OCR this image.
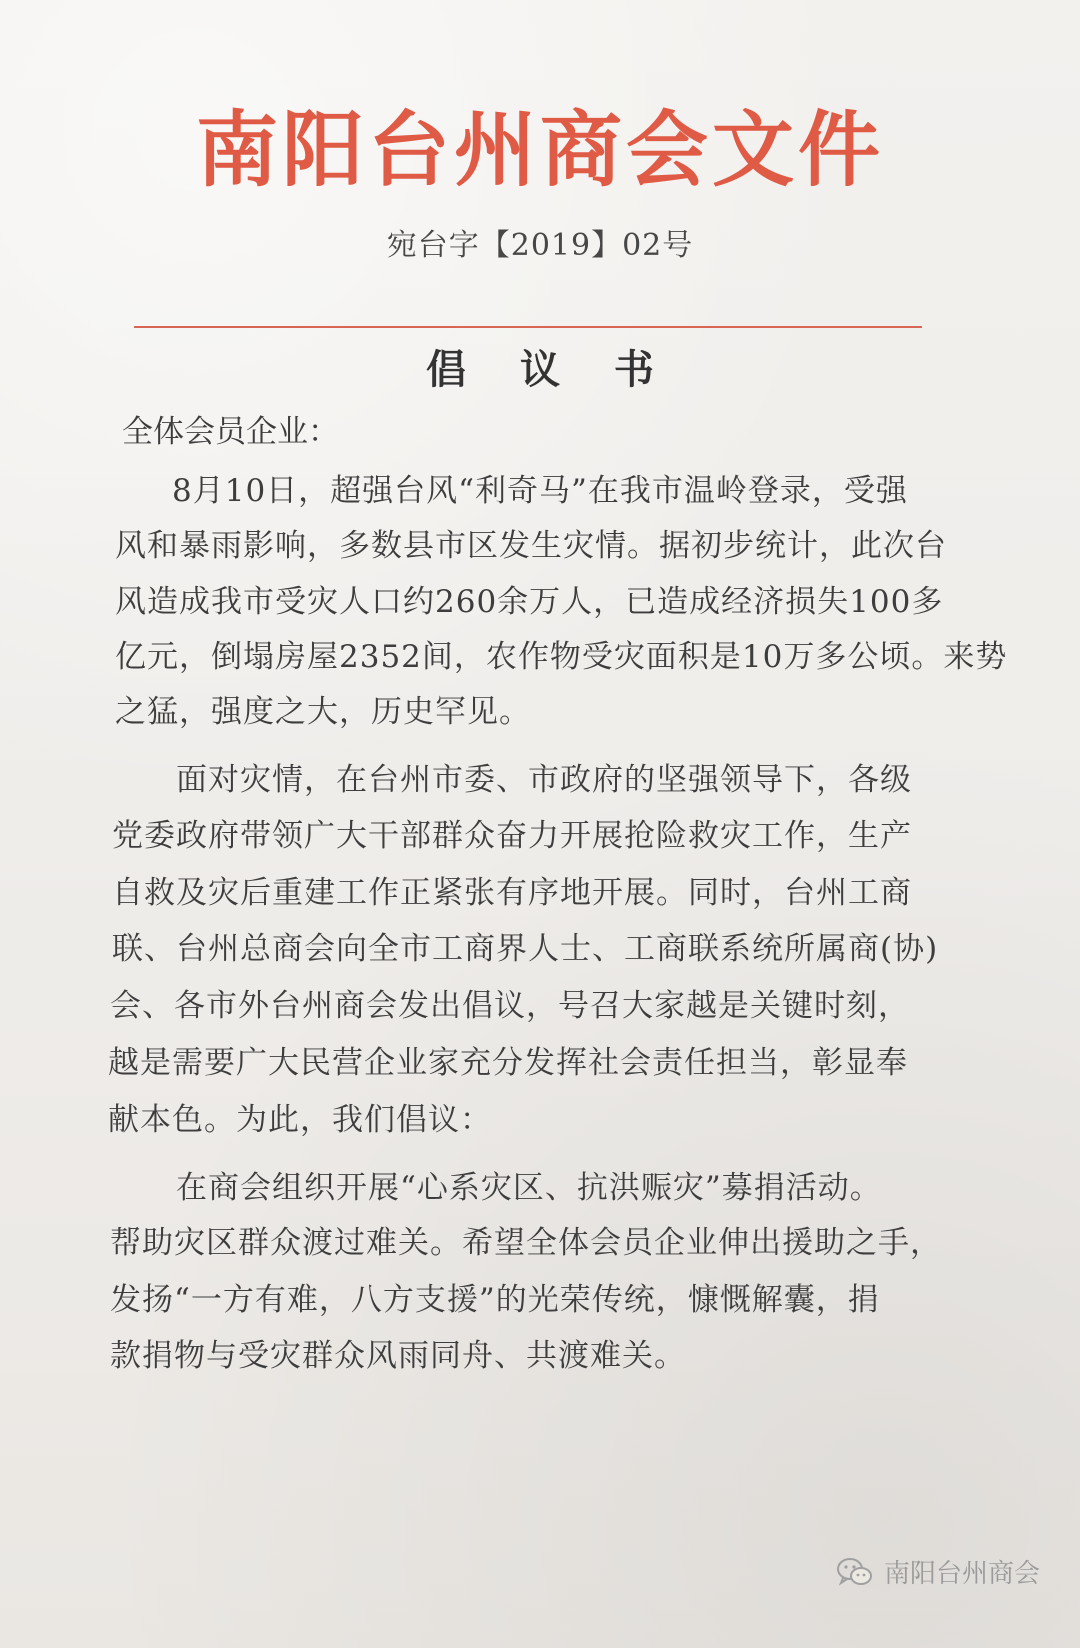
南阳台州商会文件
宛台字【2019】02号
倡 议 书
全体会员企业：
8月10日，超强台风“利奇马”在我市温岭登录，受强
风和暴雨影响，多数县市区发生灾情。据初步统计，此次台
风造成我市受灾人口约260余万人，已造成经济损失100多
亿元，倒塌房屋2352间，农作物受灾面积是10万多公顷。来势
之猛，强度之大，历史罕见。
面对灾情，在台州市委、市政府的坚强领导下，各级
党委政府带领广大干部群众奋力开展抢险救灾工作，生产
自救及灾后重建工作正紧张有序地开展。同时，台州工商
联、台州总商会向全市工商界人士、工商联系统所属商(协)
会、各市外台州商会发出倡议，号召大家越是关键时刻，
越是需要广大民营企业家充分发挥社会责任担当，彰显奉
献本色。为此，我们倡议：
在商会组织开展“心系灾区、抗洪赈灾”募捐活动。
帮助灾区群众渡过难关。希望全体会员企业伸出援助之手，
发扬“一方有难，八方支援”的光荣传统，慷慨解囊，捐
款捐物与受灾群众风雨同舟、共渡难关。
南阳台州商会
